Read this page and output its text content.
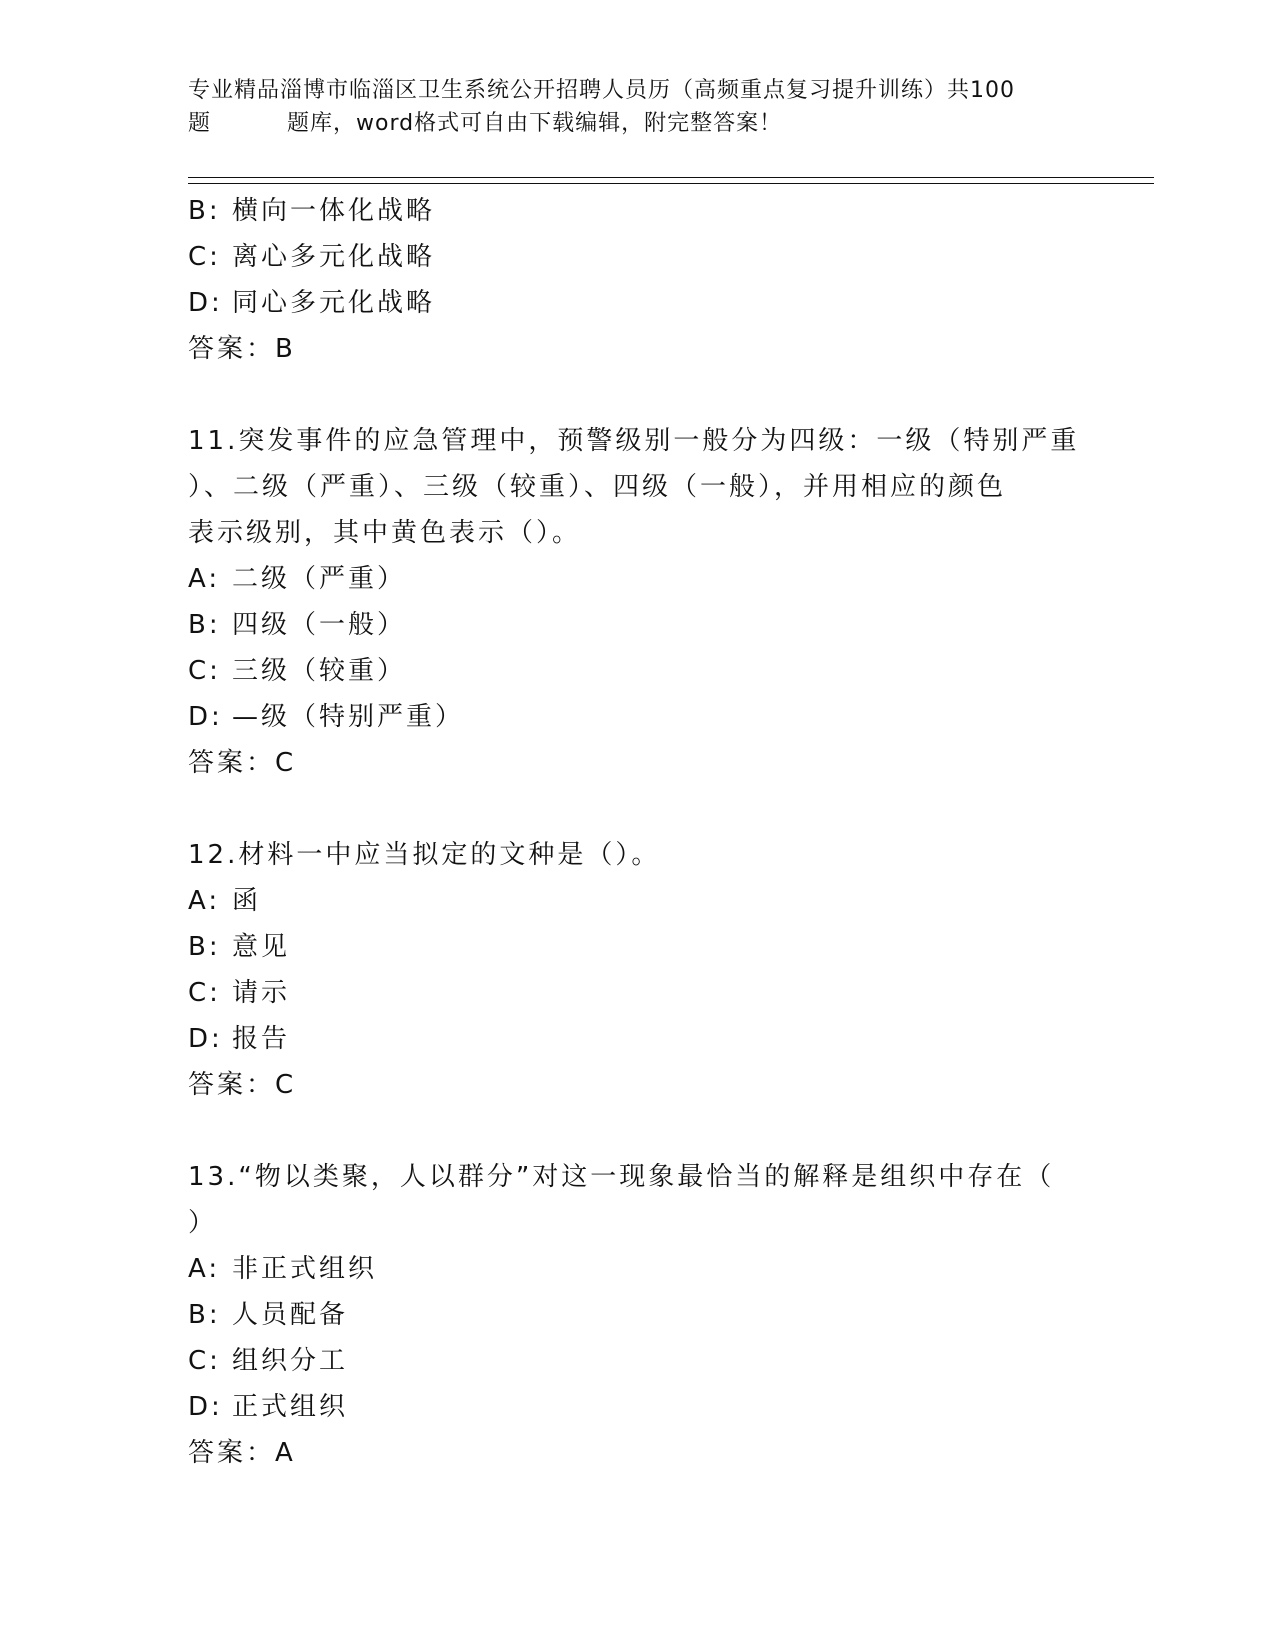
专业精品淄博市临淄区卫生系统公开招聘人员历（高频重点复习提升训练）共100
题	题库，word格式可自由下载编辑，附完整答案！
B: 横向一体化战略
C: 离心多元化战略
D: 同心多元化战略
答案：B
11.突发事件的应急管理中，预警级别一般分为四级：一级（特别严重
）、二级（严重）、三级（较重）、四级（一般），并用相应的颜色
表示级别，其中黄色表示（）。
A: 二级（严重）
B: 四级（一般）
C: 三级（较重）
D: —级（特别严重）
答案：C
12.材料一中应当拟定的文种是（）。
A: 函
B: 意见
C: 请示
D: 报告
答案：C
13.“物以类聚，人以群分”对这一现象最恰当的解释是组织中存在（
）
A: 非正式组织
B: 人员配备
C: 组织分工
D: 正式组织
答案：A
